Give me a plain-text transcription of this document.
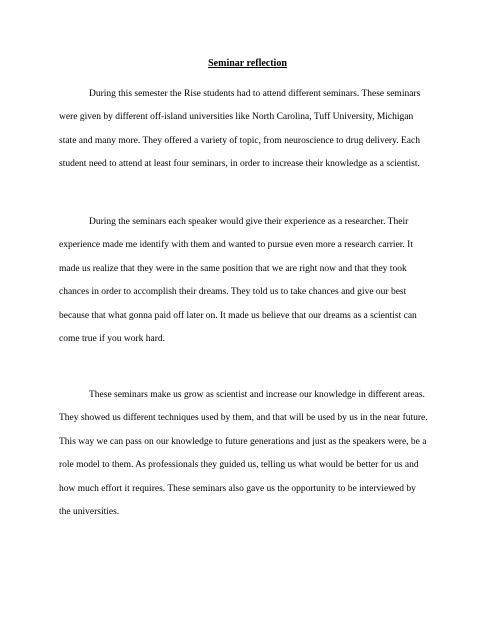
Seminar reflection
During this semester the Rise students had to attend different seminars. These seminars
were given by different off-island universities like North Carolina, Tuff University, Michigan
state and many more. They offered a variety of topic, from neuroscience to drug delivery. Each
student need to attend at least four seminars, in order to increase their knowledge as a scientist.
During the seminars each speaker would give their experience as a researcher. Their
experience made me identify with them and wanted to pursue even more a research carrier. It
made us realize that they were in the same position that we are right now and that they took
chances in order to accomplish their dreams. They told us to take chances and give our best
because that what gonna paid off later on. It made us believe that our dreams as a scientist can
come true if you work hard.
These seminars make us grow as scientist and increase our knowledge in different areas.
They showed us different techniques used by them, and that will be used by us in the near future.
This way we can pass on our knowledge to future generations and just as the speakers were, be a
role model to them. As professionals they guided us, telling us what would be better for us and
how much effort it requires. These seminars also gave us the opportunity to be interviewed by
the universities.
